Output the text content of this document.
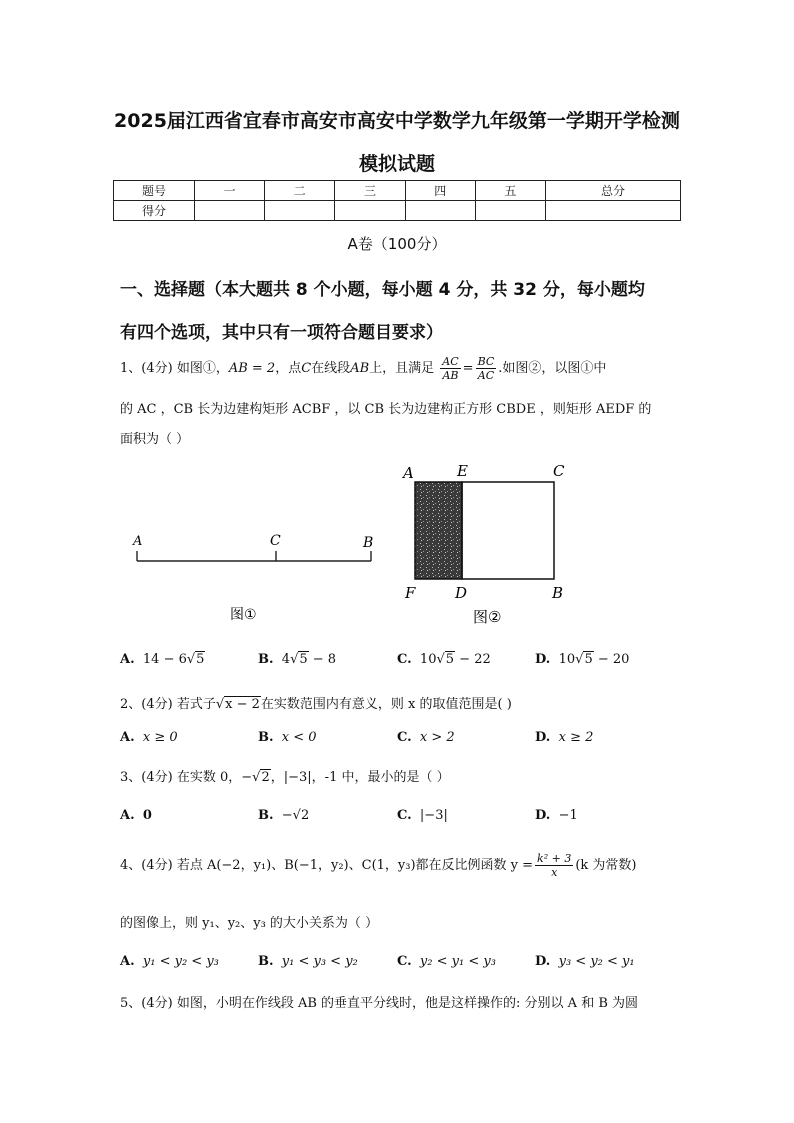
2025届江西省宜春市高安市高安中学数学九年级第一学期开学检测
模拟试题
题号	一	二	三	四	五	总分
得分						
A卷（100分）
一、选择题（本大题共 8 个小题，每小题 4 分，共 32 分，每小题均
有四个选项，其中只有一项符合题目要求）
1、(4分) 如图①，AB = 2，点C在线段AB上，且满足 $\frac{AC}{AB} = \frac{BC}{AC}$ .如图②，以图①中
的 AC ，CB 长为边建构矩形 ACBF ，以 CB 长为边建构正方形 CBDE ，则矩形 AEDF 的
面积为（ ）
A	C	B
图①
A	E	C
F	D	B
图②
A. 14 − 6√5	B. 4√5 − 8	C. 10√5 − 22	D. 10√5 − 20
2、(4分) 若式子√x − 2在实数范围内有意义，则 x 的取值范围是( )
A. x ≥ 0	B. x < 0	C. x > 2	D. x ≥ 2
3、(4分) 在实数 0，−√2，|−3|，-1 中，最小的是（ ）
A. 0	B. −√2	C. |−3|	D. −1
4、(4分) 若点 A(−2，y₁)、B(−1，y₂)、C(1，y₃)都在反比例函数 $y = \frac{\text{k² + 3}}{x} (k$ 为常数)
的图像上，则 y₁、y₂、y₃ 的大小关系为（ ）
A. y₁ < y₂ < y₃	B. y₁ < y₃ < y₂	C. y₂ < y₁ < y₃	D. y₃ < y₂ < y₁
5、(4分) 如图，小明在作线段 AB 的垂直平分线时，他是这样操作的: 分别以 A 和 B 为圆
